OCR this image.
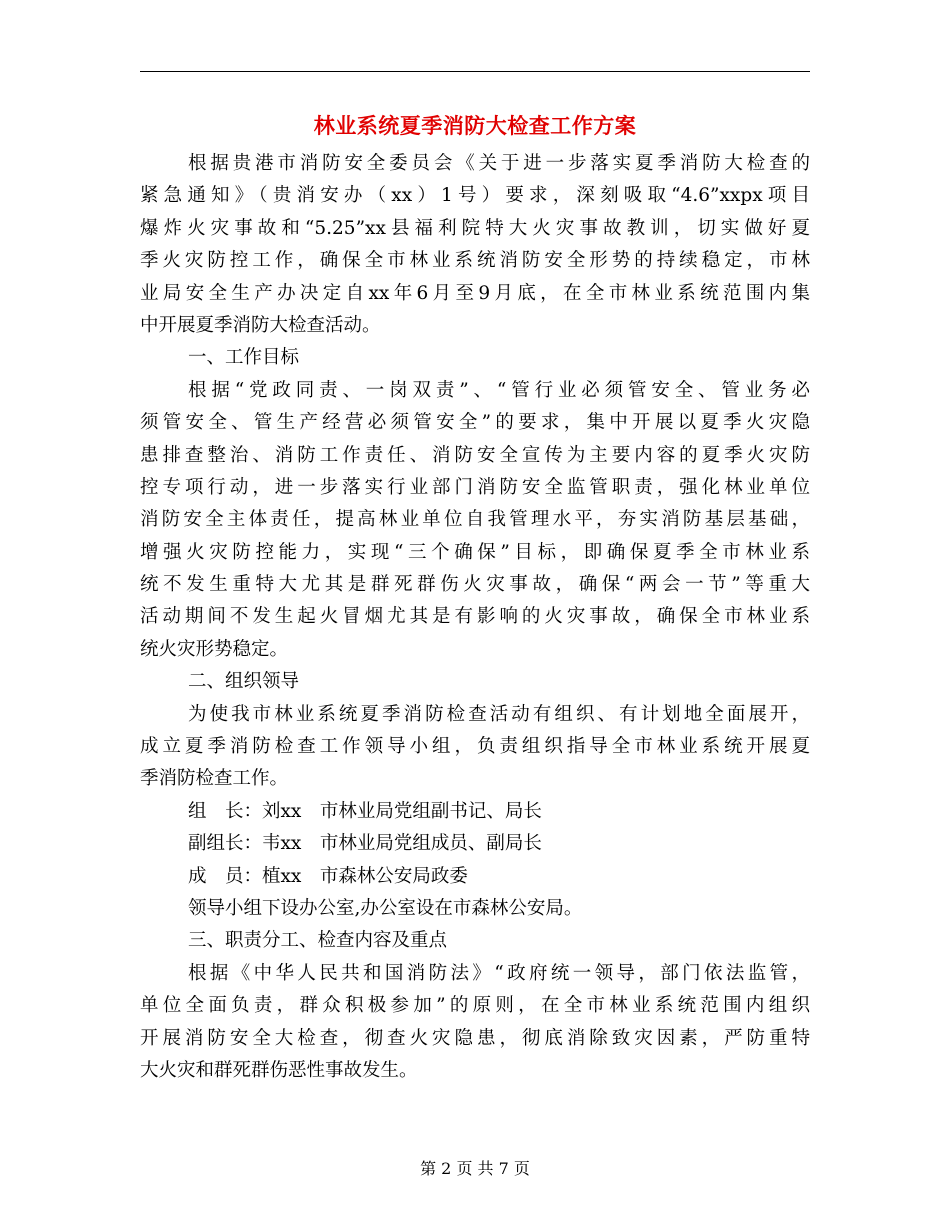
林业系统夏季消防大检查工作方案
根据贵港市消防安全委员会《关于进一步落实夏季消防大检查的
紧急通知》（贵消安办（xx）1号）要求，深刻吸取“4.6”xxpx项目
爆炸火灾事故和“5.25”xx县福利院特大火灾事故教训，切实做好夏
季火灾防控工作，确保全市林业系统消防安全形势的持续稳定，市林
业局安全生产办决定自xx年6月至9月底，在全市林业系统范围内集
中开展夏季消防大检查活动。
一、工作目标
根据“党政同责、一岗双责”、“管行业必须管安全、管业务必
须管安全、管生产经营必须管安全”的要求，集中开展以夏季火灾隐
患排查整治、消防工作责任、消防安全宣传为主要内容的夏季火灾防
控专项行动，进一步落实行业部门消防安全监管职责，强化林业单位
消防安全主体责任，提高林业单位自我管理水平，夯实消防基层基础，
增强火灾防控能力，实现“三个确保”目标，即确保夏季全市林业系
统不发生重特大尤其是群死群伤火灾事故，确保“两会一节”等重大
活动期间不发生起火冒烟尤其是有影响的火灾事故，确保全市林业系
统火灾形势稳定。
二、组织领导
为使我市林业系统夏季消防检查活动有组织、有计划地全面展开，
成立夏季消防检查工作领导小组，负责组织指导全市林业系统开展夏
季消防检查工作。
组　长：刘xx　 市林业局党组副书记、局长
副组长：韦xx　 市林业局党组成员、副局长
成　员：植xx　 市森林公安局政委
领导小组下设办公室,办公室设在市森林公安局。
三、职责分工、检查内容及重点
根据《中华人民共和国消防法》“政府统一领导，部门依法监管，
单位全面负责，群众积极参加”的原则，在全市林业系统范围内组织
开展消防安全大检查，彻查火灾隐患，彻底消除致灾因素，严防重特
大火灾和群死群伤恶性事故发生。
第 2 页 共 7 页
